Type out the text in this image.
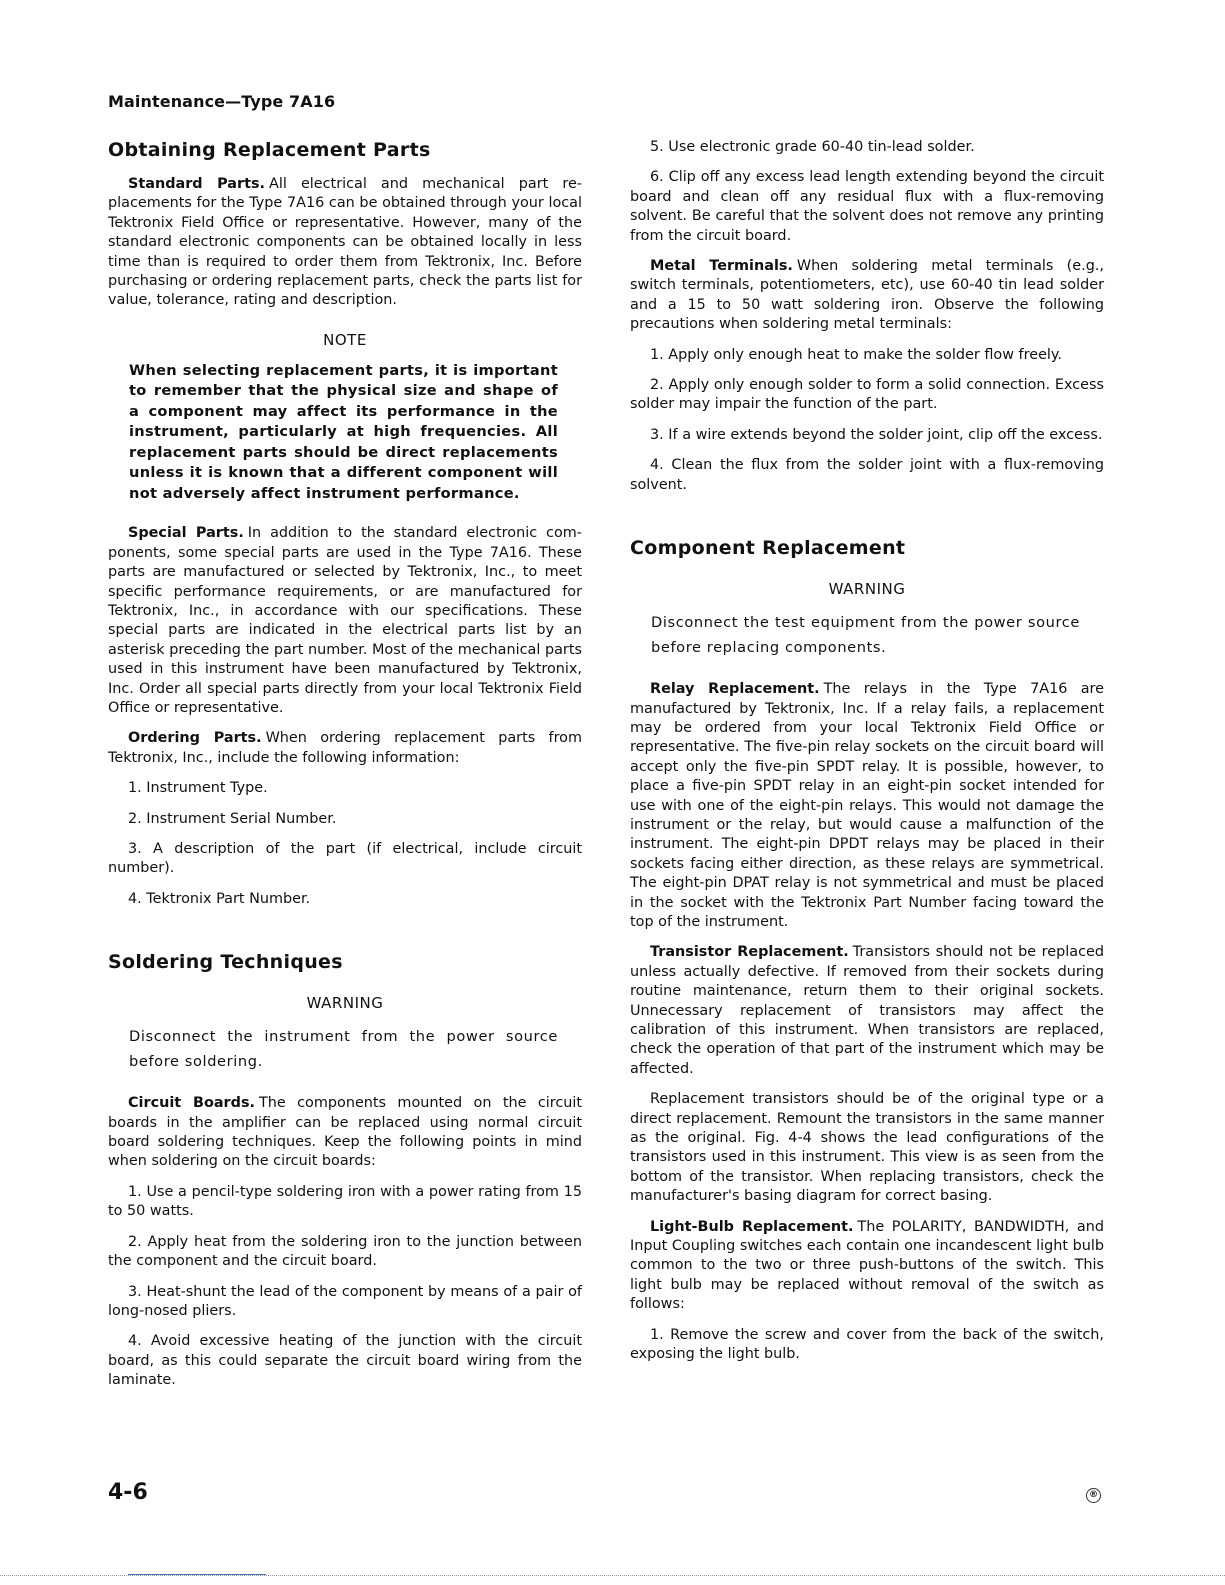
Maintenance—Type 7A16
Obtaining Replacement Parts

Standard Parts. All electrical and mechanical part replacements for the Type 7A16 can be obtained through your local Tektronix Field Office or representative. However, many of the standard electronic components can be obtained locally in less time than is required to order them from Tektronix, Inc. Before purchasing or ordering replacement parts, check the parts list for value, tolerance, rating and description.

NOTE
When selecting replacement parts, it is important to remember that the physical size and shape of a component may affect its performance in the instrument, particularly at high frequencies. All replacement parts should be direct replacements unless it is known that a different component will not adversely affect instrument performance.

Special Parts. In addition to the standard electronic components, some special parts are used in the Type 7A16. These parts are manufactured or selected by Tektronix, Inc., to meet specific performance requirements, or are manufactured for Tektronix, Inc., in accordance with our specifications. These special parts are indicated in the electrical parts list by an asterisk preceding the part number. Most of the mechanical parts used in this instrument have been manufactured by Tektronix, Inc. Order all special parts directly from your local Tektronix Field Office or representative.

Ordering Parts. When ordering replacement parts from Tektronix, Inc., include the following information:

1. Instrument Type.

2. Instrument Serial Number.

3. A description of the part (if electrical, include circuit number).

4. Tektronix Part Number.

Soldering Techniques
WARNING
Disconnect the instrument from the power source before soldering.

Circuit Boards. The components mounted on the circuit boards in the amplifier can be replaced using normal circuit board soldering techniques. Keep the following points in mind when soldering on the circuit boards:

1. Use a pencil-type soldering iron with a power rating from 15 to 50 watts.

2. Apply heat from the soldering iron to the junction between the component and the circuit board.

3. Heat-shunt the lead of the component by means of a pair of long-nosed pliers.

4. Avoid excessive heating of the junction with the circuit board, as this could separate the circuit board wiring from the laminate.

5. Use electronic grade 60-40 tin-lead solder.

6. Clip off any excess lead length extending beyond the circuit board and clean off any residual flux with a flux-removing solvent. Be careful that the solvent does not remove any printing from the circuit board.

Metal Terminals. When soldering metal terminals (e.g., switch terminals, potentiometers, etc), use 60-40 tin lead solder and a 15 to 50 watt soldering iron. Observe the following precautions when soldering metal terminals:

1. Apply only enough heat to make the solder flow freely.

2. Apply only enough solder to form a solid connection. Excess solder may impair the function of the part.

3. If a wire extends beyond the solder joint, clip off the excess.

4. Clean the flux from the solder joint with a flux-removing solvent.

Component Replacement
WARNING
Disconnect the test equipment from the power source before replacing components.

Relay Replacement. The relays in the Type 7A16 are manufactured by Tektronix, Inc. If a relay fails, a replacement may be ordered from your local Tektronix Field Office or representative. The five-pin relay sockets on the circuit board will accept only the five-pin SPDT relay. It is possible, however, to place a five-pin SPDT relay in an eight-pin socket intended for use with one of the eight-pin relays. This would not damage the instrument or the relay, but would cause a malfunction of the instrument. The eight-pin DPDT relays may be placed in their sockets facing either direction, as these relays are symmetrical. The eight-pin DPAT relay is not symmetrical and must be placed in the socket with the Tektronix Part Number facing toward the top of the instrument.

Transistor Replacement. Transistors should not be replaced unless actually defective. If removed from their sockets during routine maintenance, return them to their original sockets. Unnecessary replacement of transistors may affect the calibration of this instrument. When transistors are replaced, check the operation of that part of the instrument which may be affected.

Replacement transistors should be of the original type or a direct replacement. Remount the transistors in the same manner as the original. Fig. 4-4 shows the lead configurations of the transistors used in this instrument. This view is as seen from the bottom of the transistor. When replacing transistors, check the manufacturer's basing diagram for correct basing.

Light-Bulb Replacement. The POLARITY, BANDWIDTH, and Input Coupling switches each contain one incandescent light bulb common to the two or three push-buttons of the switch. This light bulb may be replaced without removal of the switch as follows:

1. Remove the screw and cover from the back of the switch, exposing the light bulb.

4-6	®
